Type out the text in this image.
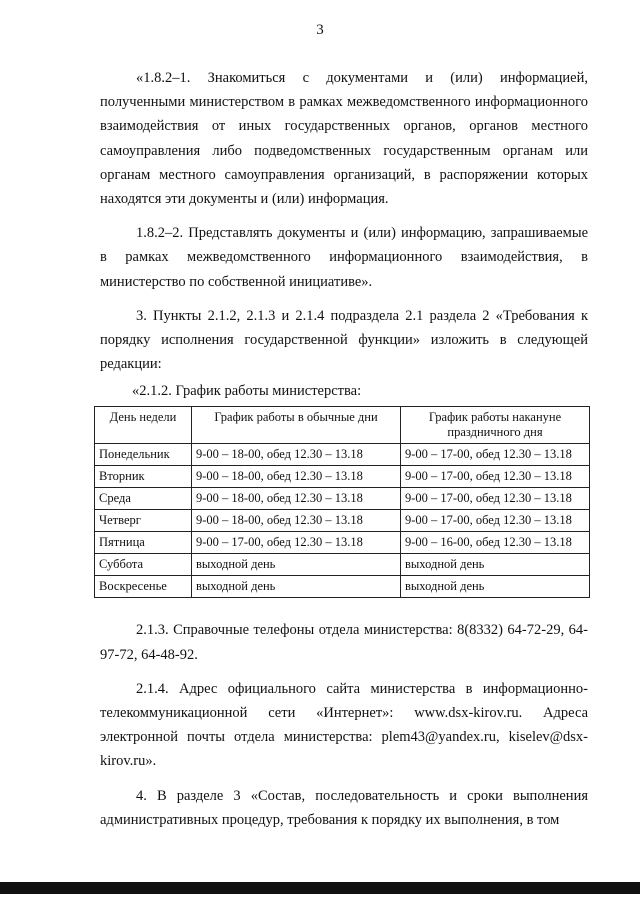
3

«1.8.2–1. Знакомиться с документами и (или) информацией, полученными министерством в рамках межведомственного информационного взаимодействия от иных государственных органов, органов местного самоуправления либо подведомственных государственным органам или органам местного самоуправления организаций, в распоряжении которых находятся эти документы и (или) информация.

1.8.2–2. Представлять документы и (или) информацию, запрашиваемые в рамках межведомственного информационного взаимодействия, в министерство по собственной инициативе».

3. Пункты 2.1.2, 2.1.3 и 2.1.4 подраздела 2.1 раздела 2 «Требования к порядку исполнения государственной функции» изложить в следующей редакции:

«2.1.2. График работы министерства:
День недели	График работы в обычные дни	График работы накануне праздничного дня
Понедельник	9-00 – 18-00, обед 12.30 – 13.18	9-00 – 17-00, обед 12.30 – 13.18
Вторник	9-00 – 18-00, обед 12.30 – 13.18	9-00 – 17-00, обед 12.30 – 13.18
Среда	9-00 – 18-00, обед 12.30 – 13.18	9-00 – 17-00, обед 12.30 – 13.18
Четверг	9-00 – 18-00, обед 12.30 – 13.18	9-00 – 17-00, обед 12.30 – 13.18
Пятница	9-00 – 17-00, обед 12.30 – 13.18	9-00 – 16-00, обед 12.30 – 13.18
Суббота	выходной день	выходной день
Воскресенье	выходной день	выходной день

2.1.3. Справочные телефоны отдела министерства: 8(8332) 64-72-29, 64-97-72, 64-48-92.

2.1.4. Адрес официального сайта министерства в информационно-телекоммуникационной сети «Интернет»: www.dsx-kirov.ru. Адреса электронной почты отдела министерства: plem43@yandex.ru, kiselev@dsx-kirov.ru».

4. В разделе 3 «Состав, последовательность и сроки выполнения административных процедур, требования к порядку их выполнения, в том
